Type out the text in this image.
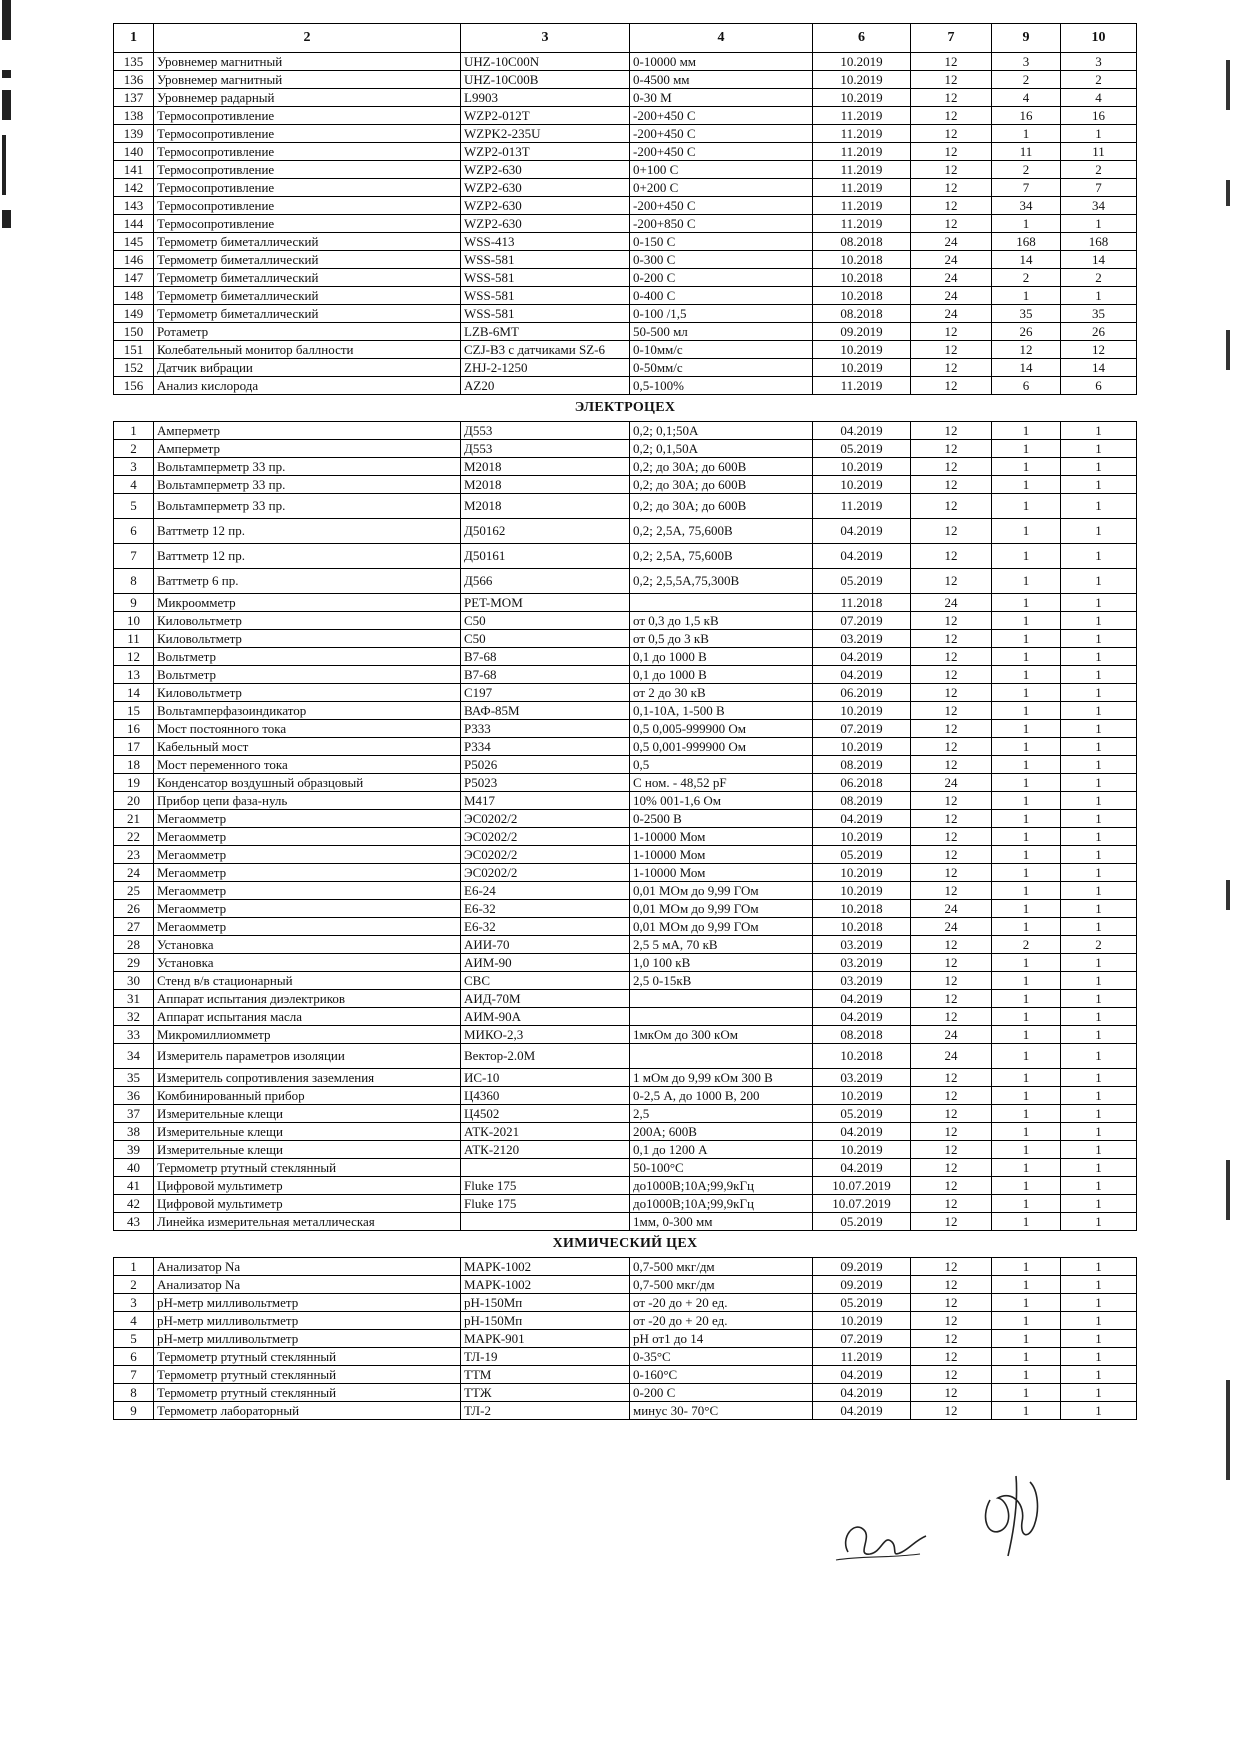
1	2	3	4	6	7	9	10
135	Уровнемер магнитный	UHZ-10C00N	0-10000 мм	10.2019	12	3	3
136	Уровнемер магнитный	UHZ-10C00B	0-4500 мм	10.2019	12	2	2
137	Уровнемер радарный	L9903	0-30 М	10.2019	12	4	4
138	Термосопротивление	WZP2-012T	-200+450 С	11.2019	12	16	16
139	Термосопротивление	WZPK2-235U	-200+450 С	11.2019	12	1	1
140	Термосопротивление	WZP2-013T	-200+450 С	11.2019	12	11	11
141	Термосопротивление	WZP2-630	0+100 С	11.2019	12	2	2
142	Термосопротивление	WZP2-630	0+200 С	11.2019	12	7	7
143	Термосопротивление	WZP2-630	-200+450 С	11.2019	12	34	34
144	Термосопротивление	WZP2-630	-200+850 С	11.2019	12	1	1
145	Термометр биметаллический	WSS-413	0-150 С	08.2018	24	168	168
146	Термометр биметаллический	WSS-581	0-300 С	10.2018	24	14	14
147	Термометр биметаллический	WSS-581	0-200 С	10.2018	24	2	2
148	Термометр биметаллический	WSS-581	0-400 С	10.2018	24	1	1
149	Термометр биметаллический	WSS-581	0-100 /1,5	08.2018	24	35	35
150	Ротаметр	LZB-6MT	50-500 мл	09.2019	12	26	26
151	Колебательный монитор баллности	CZJ-B3 с датчиками SZ-6	0-10мм/с	10.2019	12	12	12
152	Датчик вибрации	ZHJ-2-1250	0-50мм/с	10.2019	12	14	14
156	Анализ кислорода	AZ20	0,5-100%	11.2019	12	6	6
ЭЛЕКТРОЦЕХ							
1	Амперметр	Д553	0,2; 0,1;50А	04.2019	12	1	1
2	Амперметр	Д553	0,2; 0,1,50А	05.2019	12	1	1
3	Вольтамперметр 33 пр.	М2018	0,2; до 30А; до 600В	10.2019	12	1	1
4	Вольтамперметр 33 пр.	М2018	0,2; до 30А; до 600В	10.2019	12	1	1
5	Вольтамперметр 33 пр.	М2018	0,2; до 30А; до 600В	11.2019	12	1	1
6	Ваттметр 12 пр.	Д50162	0,2; 2,5А, 75,600В	04.2019	12	1	1
7	Ваттметр 12 пр.	Д50161	0,2; 2,5А, 75,600В	04.2019	12	1	1
8	Ваттметр 6 пр.	Д566	0,2; 2,5,5А,75,300В	05.2019	12	1	1
9	Микроомметр	PET-MOM		11.2018	24	1	1
10	Киловольтметр	С50	от 0,3 до 1,5 кВ	07.2019	12	1	1
11	Киловольтметр	С50	от 0,5 до 3 кВ	03.2019	12	1	1
12	Вольтметр	В7-68	0,1 до 1000 В	04.2019	12	1	1
13	Вольтметр	В7-68	0,1 до 1000 В	04.2019	12	1	1
14	Киловольтметр	С197	от 2 до 30 кВ	06.2019	12	1	1
15	Вольтамперфазоиндикатор	ВАФ-85М	0,1-10А, 1-500 В	10.2019	12	1	1
16	Мост постоянного тока	Р333	0,5 0,005-999900 Ом	07.2019	12	1	1
17	Кабельный мост	Р334	0,5 0,001-999900 Ом	10.2019	12	1	1
18	Мост переменного тока	Р5026	0,5	08.2019	12	1	1
19	Конденсатор воздушный образцовый	Р5023	С ном. - 48,52 pF	06.2018	24	1	1
20	Прибор цепи фаза-нуль	М417	10% 001-1,6 Ом	08.2019	12	1	1
21	Мегаомметр	ЭС0202/2	0-2500 В	04.2019	12	1	1
22	Мегаомметр	ЭС0202/2	1-10000 Мом	10.2019	12	1	1
23	Мегаомметр	ЭС0202/2	1-10000 Мом	05.2019	12	1	1
24	Мегаомметр	ЭС0202/2	1-10000 Мом	10.2019	12	1	1
25	Мегаомметр	Е6-24	0,01 МОм до 9,99 ГОм	10.2019	12	1	1
26	Мегаомметр	Е6-32	0,01 МОм до 9,99 ГОм	10.2018	24	1	1
27	Мегаомметр	Е6-32	0,01 МОм до 9,99 ГОм	10.2018	24	1	1
28	Установка	АИИ-70	2,5 5 мА, 70 кВ	03.2019	12	2	2
29	Установка	АИМ-90	1,0 100 кВ	03.2019	12	1	1
30	Стенд в/в стационарный	СВС	2,5 0-15кВ	03.2019	12	1	1
31	Аппарат испытания диэлектриков	АИД-70М		04.2019	12	1	1
32	Аппарат испытания масла	АИМ-90А		04.2019	12	1	1
33	Микромиллиомметр	МИКО-2,3	1мкОм до 300 кОм	08.2018	24	1	1
34	Измеритель параметров изоляции	Вектор-2.0М		10.2018	24	1	1
35	Измеритель сопротивления заземления	ИС-10	1 мОм до 9,99 кОм 300 В	03.2019	12	1	1
36	Комбинированный прибор	Ц4360	0-2,5 А, до 1000 В, 200	10.2019	12	1	1
37	Измерительные клещи	Ц4502	2,5	05.2019	12	1	1
38	Измерительные клещи	АТК-2021	200А; 600В	04.2019	12	1	1
39	Измерительные клещи	АТК-2120	0,1 до 1200 А	10.2019	12	1	1
40	Термометр ртутный стеклянный		50-100°С	04.2019	12	1	1
41	Цифровой мультиметр	Fluke 175	до1000В;10А;99,9кГц	10.07.2019	12	1	1
42	Цифровой мультиметр	Fluke 175	до1000В;10А;99,9кГц	10.07.2019	12	1	1
43	Линейка измерительная металлическая		1мм, 0-300 мм	05.2019	12	1	1
ХИМИЧЕСКИЙ ЦЕХ							
1	Анализатор Na	МАРК-1002	0,7-500 мкг/дм	09.2019	12	1	1
2	Анализатор Na	МАРК-1002	0,7-500 мкг/дм	09.2019	12	1	1
3	pH-метр милливольтметр	pH-150Мп	от -20 до + 20 ед.	05.2019	12	1	1
4	pH-метр милливольтметр	pH-150Мп	от -20 до + 20 ед.	10.2019	12	1	1
5	pH-метр милливольтметр	МАРК-901	pH от1 до 14	07.2019	12	1	1
6	Термометр ртутный стеклянный	ТЛ-19	0-35°С	11.2019	12	1	1
7	Термометр ртутный стеклянный	ТТМ	0-160°С	04.2019	12	1	1
8	Термометр ртутный стеклянный	ТТЖ	0-200 С	04.2019	12	1	1
9	Термометр лабораторный	ТЛ-2	минус 30- 70°С	04.2019	12	1	1
